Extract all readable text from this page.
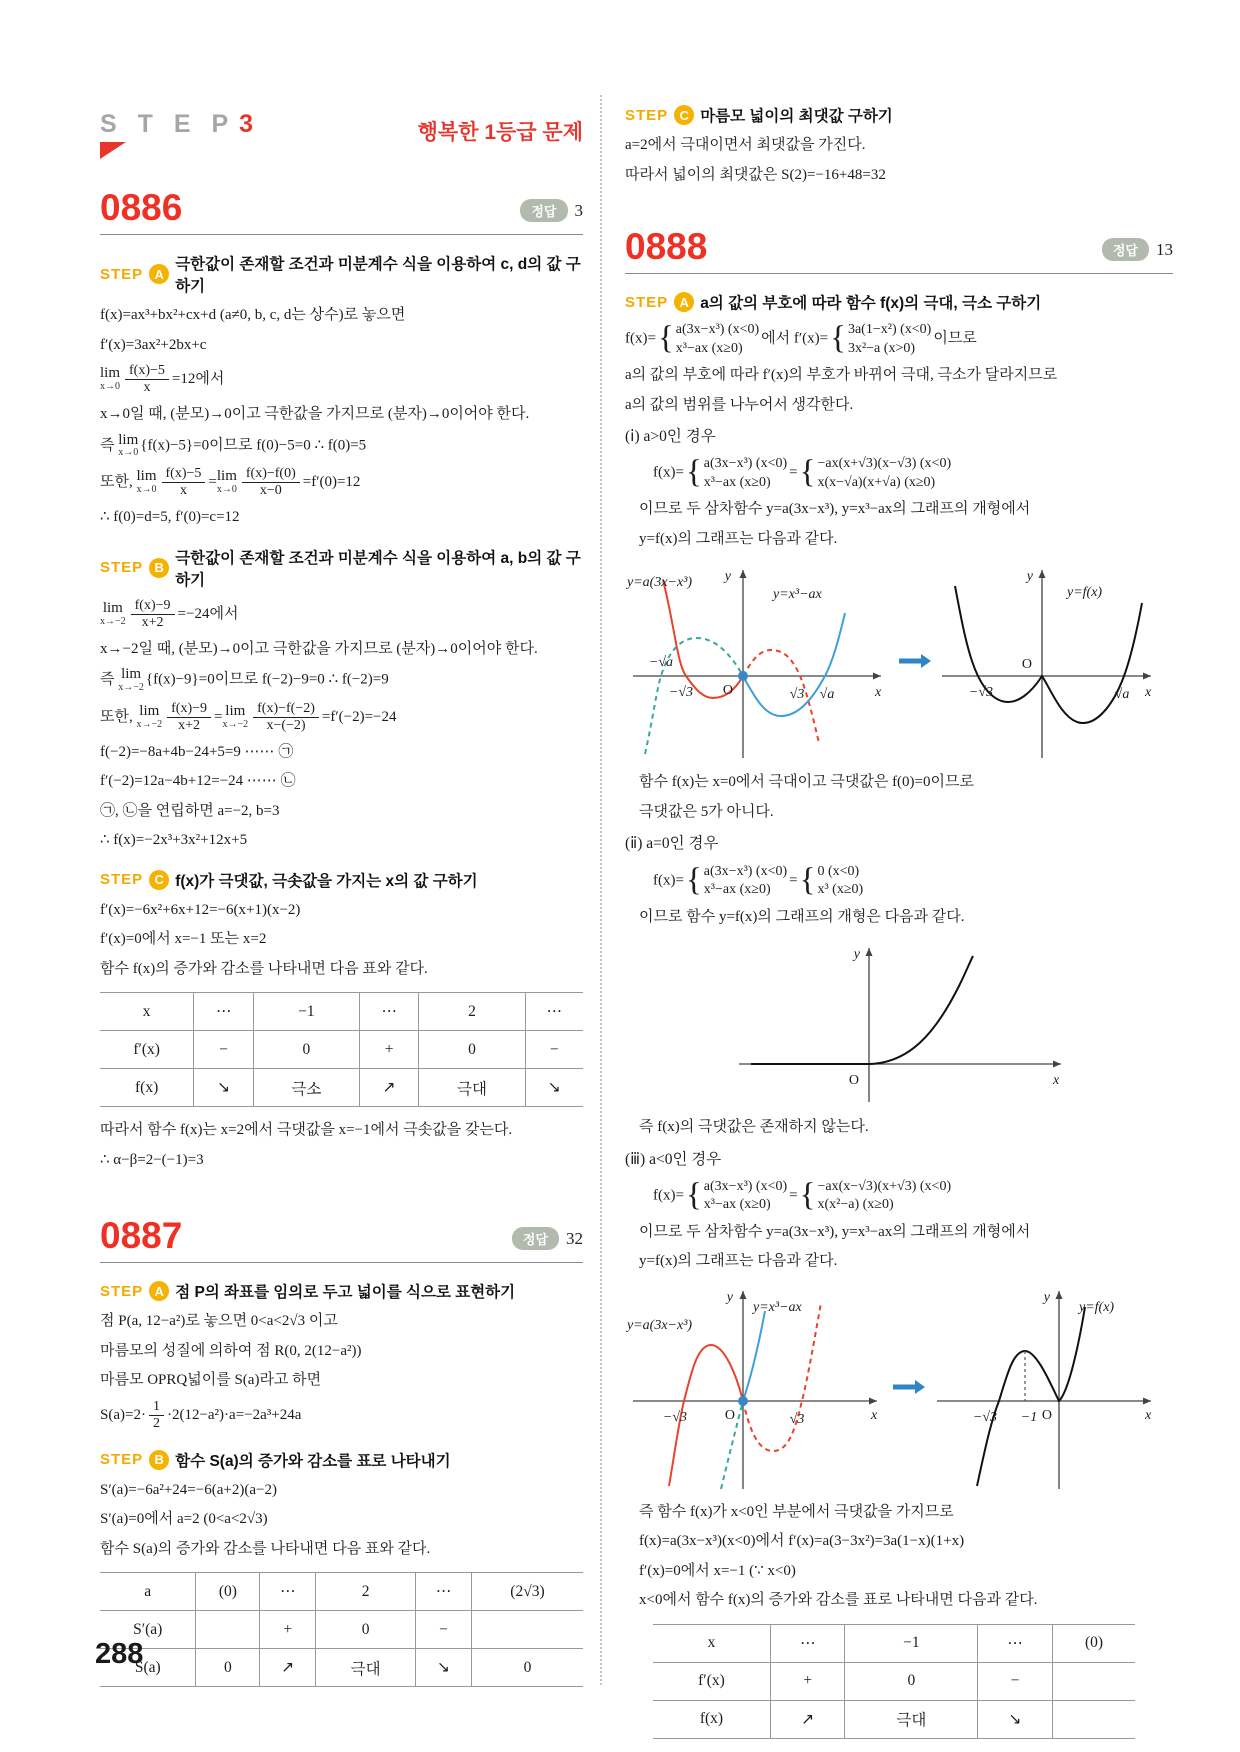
S T E P 3	행복한 1등급 문제
0886	정답	3
STEP A
극한값이 존재할 조건과 미분계수 식을 이용하여 c, d의 값 구하기

f(x)=ax³+bx²+cx+d (a≠0, b, c, d는 상수)로 놓으면

f′(x)=3ax²+2bx+c

lim
$x\to 0 \frac{f(x)-5}{x} =12$에서

x→0일 때, (분모)→0이고 극한값을 가지므로 (분자)→0이어야 한다.

즉 lim
x→0 {f(x)−5}=0이므로 f(0)−5=0 ∴ f(0)=5

또한, lim
$x\to 0 \frac{f(x)-5}{x} = \lim$
$x\to 0 \frac{f(x)-f(0)}{x-0} =f'(0)=12$

∴ f(0)=d=5, f′(0)=c=12

STEP B
극한값이 존재할 조건과 미분계수 식을 이용하여 a, b의 값 구하기

lim
$x\to-2 \frac{f(x)-9}{x+2} =-24$에서

x→−2일 때, (분모)→0이고 극한값을 가지므로 (분자)→0이어야 한다.

즉 lim
x→−2 {f(x)−9}=0이므로 f(−2)−9=0 ∴ f(−2)=9

또한, lim
$x\to-2 \frac{f(x)-9}{x+2} = \lim$
$x\to-2 \frac{f(x)-f(-2)}{x-(-2)} =f'(-2)=-24$

f(−2)=−8a+4b−24+5=9 ⋯⋯ ㉠

f′(−2)=12a−4b+12=−24 ⋯⋯ ㉡

㉠, ㉡을 연립하면 a=−2, b=3

∴ f(x)=−2x³+3x²+12x+5

STEP C f(x)가 극댓값, 극솟값을 가지는 x의 값 구하기

f′(x)=−6x²+6x+12=−6(x+1)(x−2)

f′(x)=0에서 x=−1 또는 x=2

함수 f(x)의 증가와 감소를 나타내면 다음 표와 같다.

x	⋯	−1	⋯	2	⋯
f′(x)	−	0	+	0	−
f(x)	↘	극소	↗	극대	↘

따라서 함수 f(x)는 x=2에서 극댓값을 x=−1에서 극솟값을 갖는다.

∴ α−β=2−(−1)=3

0887	정답	32
STEP A 점 P의 좌표를 임의로 두고 넓이를 식으로 표현하기

점 P(a, 12−a²)로 놓으면 0<a<2√3 이고

마름모의 성질에 의하여 점 R(0, 2(12−a²))

마름모 OPRQ넓이를 S(a)라고 하면

$S(a)=2\cdot \frac{1}{2} \cdot 2(12-a^2)\cdot a=-2a^3+24a$

STEP B 함수 S(a)의 증가와 감소를 표로 나타내기

S′(a)=−6a²+24=−6(a+2)(a−2)

S′(a)=0에서 a=2 (0<a<2√3)

함수 S(a)의 증가와 감소를 나타내면 다음 표와 같다.

a	(0)	⋯	2	⋯	(2√3)
S′(a)		+	0	−	
S(a)	0	↗	극대	↘	0
STEP C 마름모 넓이의 최댓값 구하기

a=2에서 극대이면서 최댓값을 가진다.

따라서 넓이의 최댓값은 S(2)=−16+48=32

0888	정답	13
STEP A a의 값의 부호에 따라 함수 f(x)의 극대, 극소 구하기

f(x)= { a(3x−x³) (x<0)
x³−ax (x≥0)
에서 f′(x)= { 3a(1−x²) (x<0)
3x²−a (x>0)
이므로

a의 값의 부호에 따라 f′(x)의 부호가 바뀌어 극대, 극소가 달라지므로

a의 값의 범위를 나누어서 생각한다.

(ⅰ) a>0인 경우

f(x)= { a(3x−x³) (x<0)
x³−ax (x≥0)
= { −ax(x+√3)(x−√3) (x<0)
x(x−√a)(x+√a) (x≥0)

이므로 두 삼차함수 y=a(3x−x³), y=x³−ax의 그래프의 개형에서

y=f(x)의 그래프는 다음과 같다.

y=a(3x−x³)
y=x³−ax
y
−√a
−√3 O	√3 √a	x
y
y=f(x)
O
−√3	√a x

함수 f(x)는 x=0에서 극대이고 극댓값은 f(0)=0이므로

극댓값은 5가 아니다.

(ⅱ) a=0인 경우

f(x)= { a(3x−x³) (x<0)
x³−ax (x≥0)
= { 0 (x<0)
x³ (x≥0)

이므로 함수 y=f(x)의 그래프의 개형은 다음과 같다.

y
O	x

즉 f(x)의 극댓값은 존재하지 않는다.

(ⅲ) a<0인 경우

f(x)= { a(3x−x³) (x<0)
x³−ax (x≥0)
= { −ax(x−√3)(x+√3) (x<0)
x(x²−a) (x≥0)

이므로 두 삼차함수 y=a(3x−x³), y=x³−ax의 그래프의 개형에서

y=f(x)의 그래프는 다음과 같다.

y=a(3x−x³)
y=x³−ax
y
−√3	O	√3	x
y
y=f(x)
−√3 −1 O	x

즉 함수 f(x)가 x<0인 부분에서 극댓값을 가지므로

f(x)=a(3x−x³)(x<0)에서 f′(x)=a(3−3x²)=3a(1−x)(1+x)

f′(x)=0에서 x=−1 (∵ x<0)

x<0에서 함수 f(x)의 증가와 감소를 표로 나타내면 다음과 같다.

x	⋯	−1	⋯	(0)
f′(x)	+	0	−	
f(x)	↗	극대	↘	
288
